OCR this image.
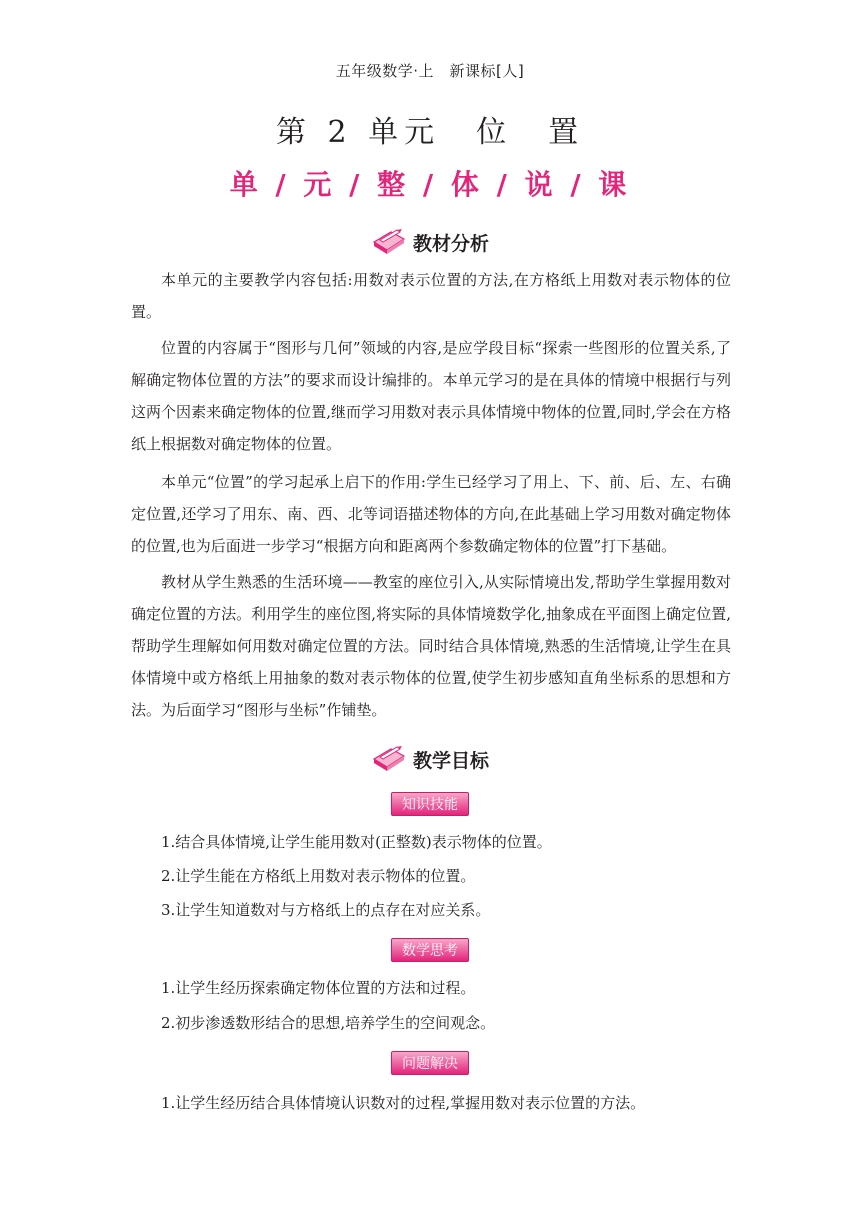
五年级数学·上　新课标[人]
第 2 单元　位　置
单 / 元 / 整 / 体 / 说 / 课
教材分析

本单元的主要教学内容包括:用数对表示位置的方法,在方格纸上用数对表示物体的位置。

位置的内容属于“图形与几何”领域的内容,是应学段目标“探索一些图形的位置关系,了解确定物体位置的方法”的要求而设计编排的。本单元学习的是在具体的情境中根据行与列这两个因素来确定物体的位置,继而学习用数对表示具体情境中物体的位置,同时,学会在方格纸上根据数对确定物体的位置。

本单元“位置”的学习起承上启下的作用:学生已经学习了用上、下、前、后、左、右确定位置,还学习了用东、南、西、北等词语描述物体的方向,在此基础上学习用数对确定物体的位置,也为后面进一步学习“根据方向和距离两个参数确定物体的位置”打下基础。

教材从学生熟悉的生活环境——教室的座位引入,从实际情境出发,帮助学生掌握用数对确定位置的方法。利用学生的座位图,将实际的具体情境数学化,抽象成在平面图上确定位置,帮助学生理解如何用数对确定位置的方法。同时结合具体情境,熟悉的生活情境,让学生在具体情境中或方格纸上用抽象的数对表示物体的位置,使学生初步感知直角坐标系的思想和方法。为后面学习“图形与坐标”作铺垫。

教学目标
知识技能

1.结合具体情境,让学生能用数对(正整数)表示物体的位置。

2.让学生能在方格纸上用数对表示物体的位置。

3.让学生知道数对与方格纸上的点存在对应关系。

数学思考

1.让学生经历探索确定物体位置的方法和过程。

2.初步渗透数形结合的思想,培养学生的空间观念。

问题解决

1.让学生经历结合具体情境认识数对的过程,掌握用数对表示位置的方法。
